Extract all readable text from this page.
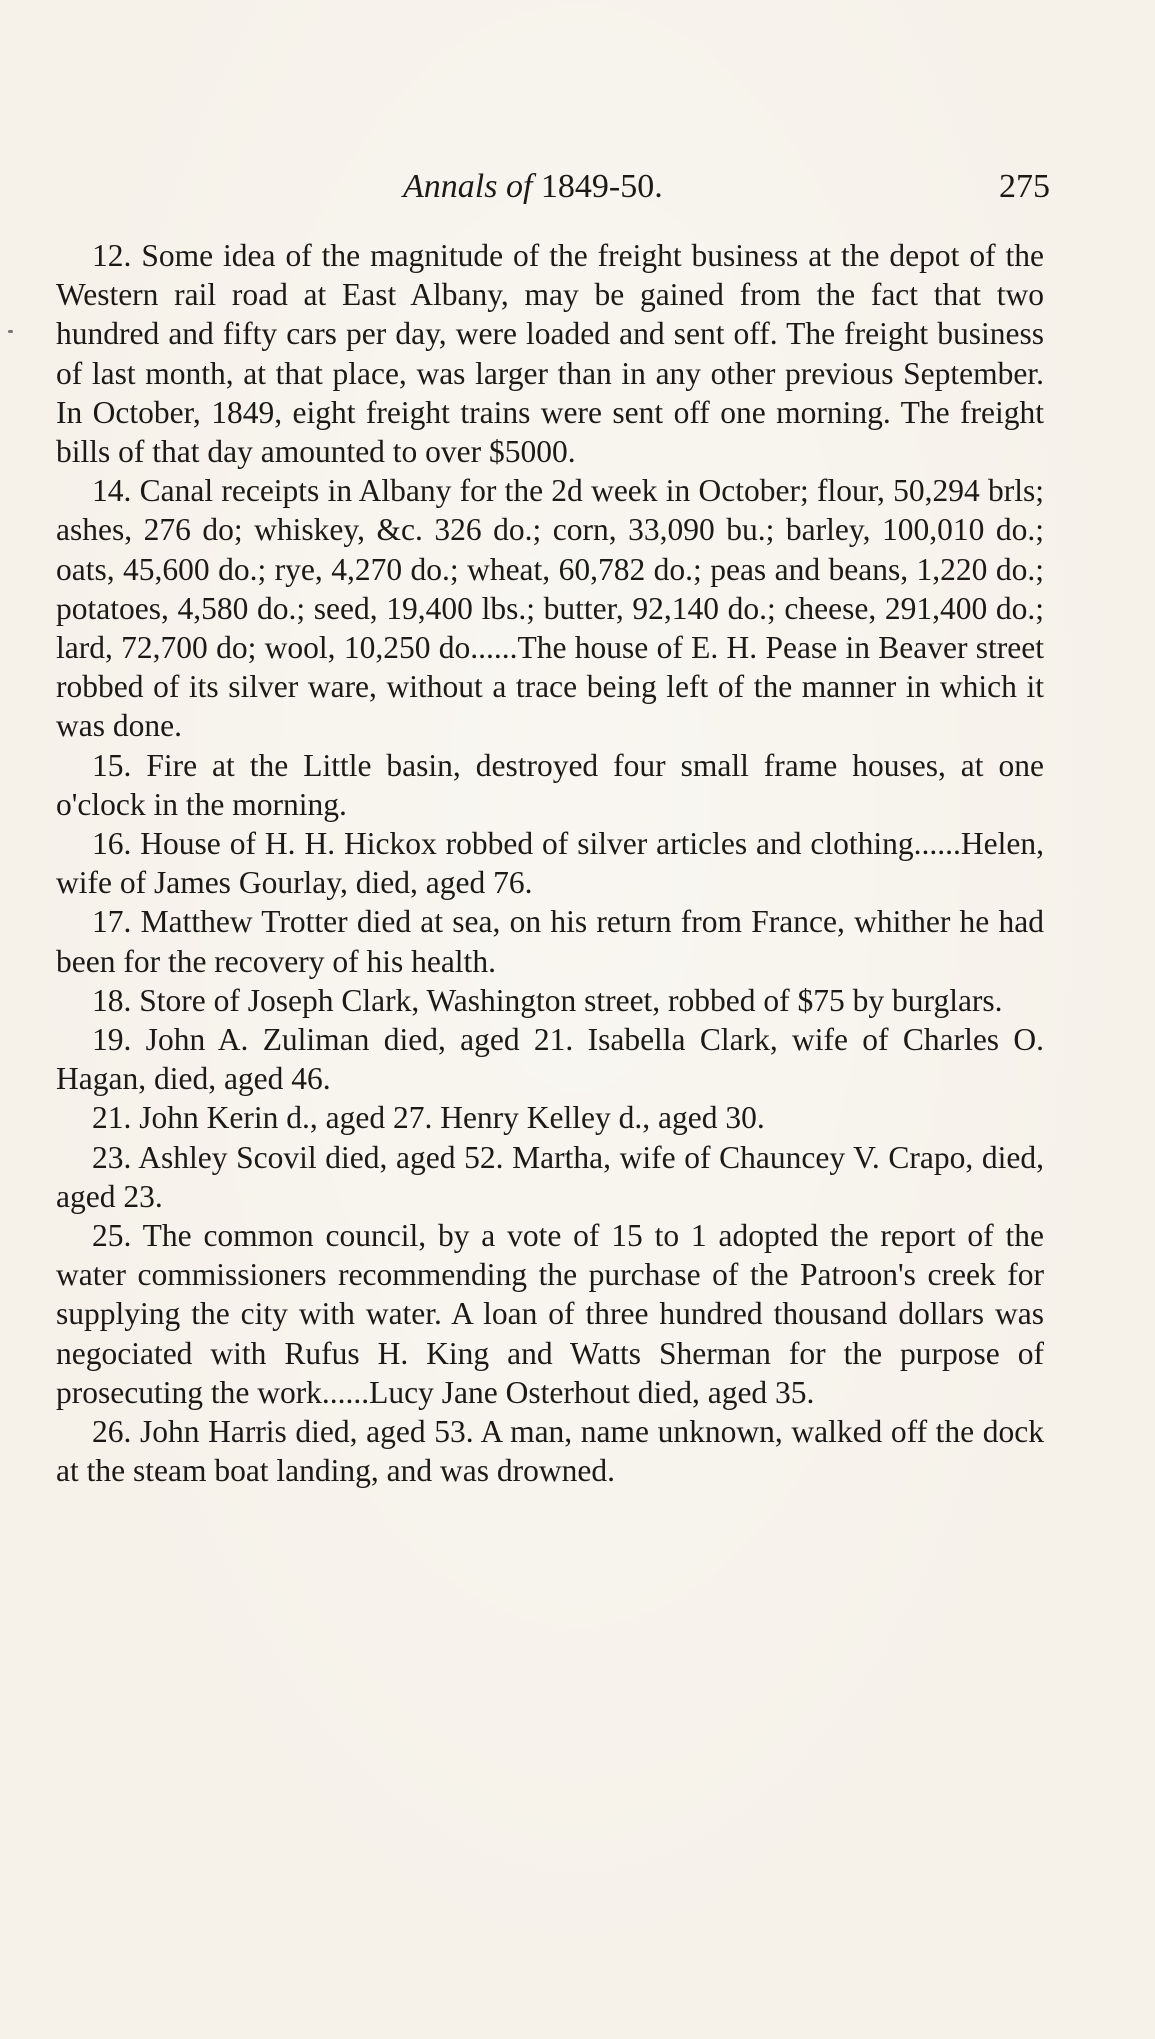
Annals of 1849-50.	275

12. Some idea of the magnitude of the freight business at the depot of the Western rail road at East Albany, may be gained from the fact that two hundred and fifty cars per day, were loaded and sent off. The freight business of last month, at that place, was larger than in any other previous September. In October, 1849, eight freight trains were sent off one morning. The freight bills of that day amounted to over $5000.

14. Canal receipts in Albany for the 2d week in October; flour, 50,294 brls; ashes, 276 do; whiskey, &c. 326 do.; corn, 33,090 bu.; barley, 100,010 do.; oats, 45,600 do.; rye, 4,270 do.; wheat, 60,782 do.; peas and beans, 1,220 do.; potatoes, 4,580 do.; seed, 19,400 lbs.; butter, 92,140 do.; cheese, 291,400 do.; lard, 72,700 do; wool, 10,250 do......The house of E. H. Pease in Beaver street robbed of its silver ware, without a trace being left of the manner in which it was done.

15. Fire at the Little basin, destroyed four small frame houses, at one o'clock in the morning.

16. House of H. H. Hickox robbed of silver articles and clothing......Helen, wife of James Gourlay, died, aged 76.

17. Matthew Trotter died at sea, on his return from France, whither he had been for the recovery of his health.

18. Store of Joseph Clark, Washington street, robbed of $75 by burglars.

19. John A. Zuliman died, aged 21. Isabella Clark, wife of Charles O. Hagan, died, aged 46.

21. John Kerin d., aged 27. Henry Kelley d., aged 30.

23. Ashley Scovil died, aged 52. Martha, wife of Chauncey V. Crapo, died, aged 23.

25. The common council, by a vote of 15 to 1 adopted the report of the water commissioners recommending the purchase of the Patroon's creek for supplying the city with water. A loan of three hundred thousand dollars was negociated with Rufus H. King and Watts Sherman for the purpose of prosecuting the work......Lucy Jane Osterhout died, aged 35.

26. John Harris died, aged 53. A man, name unknown, walked off the dock at the steam boat landing, and was drowned.
